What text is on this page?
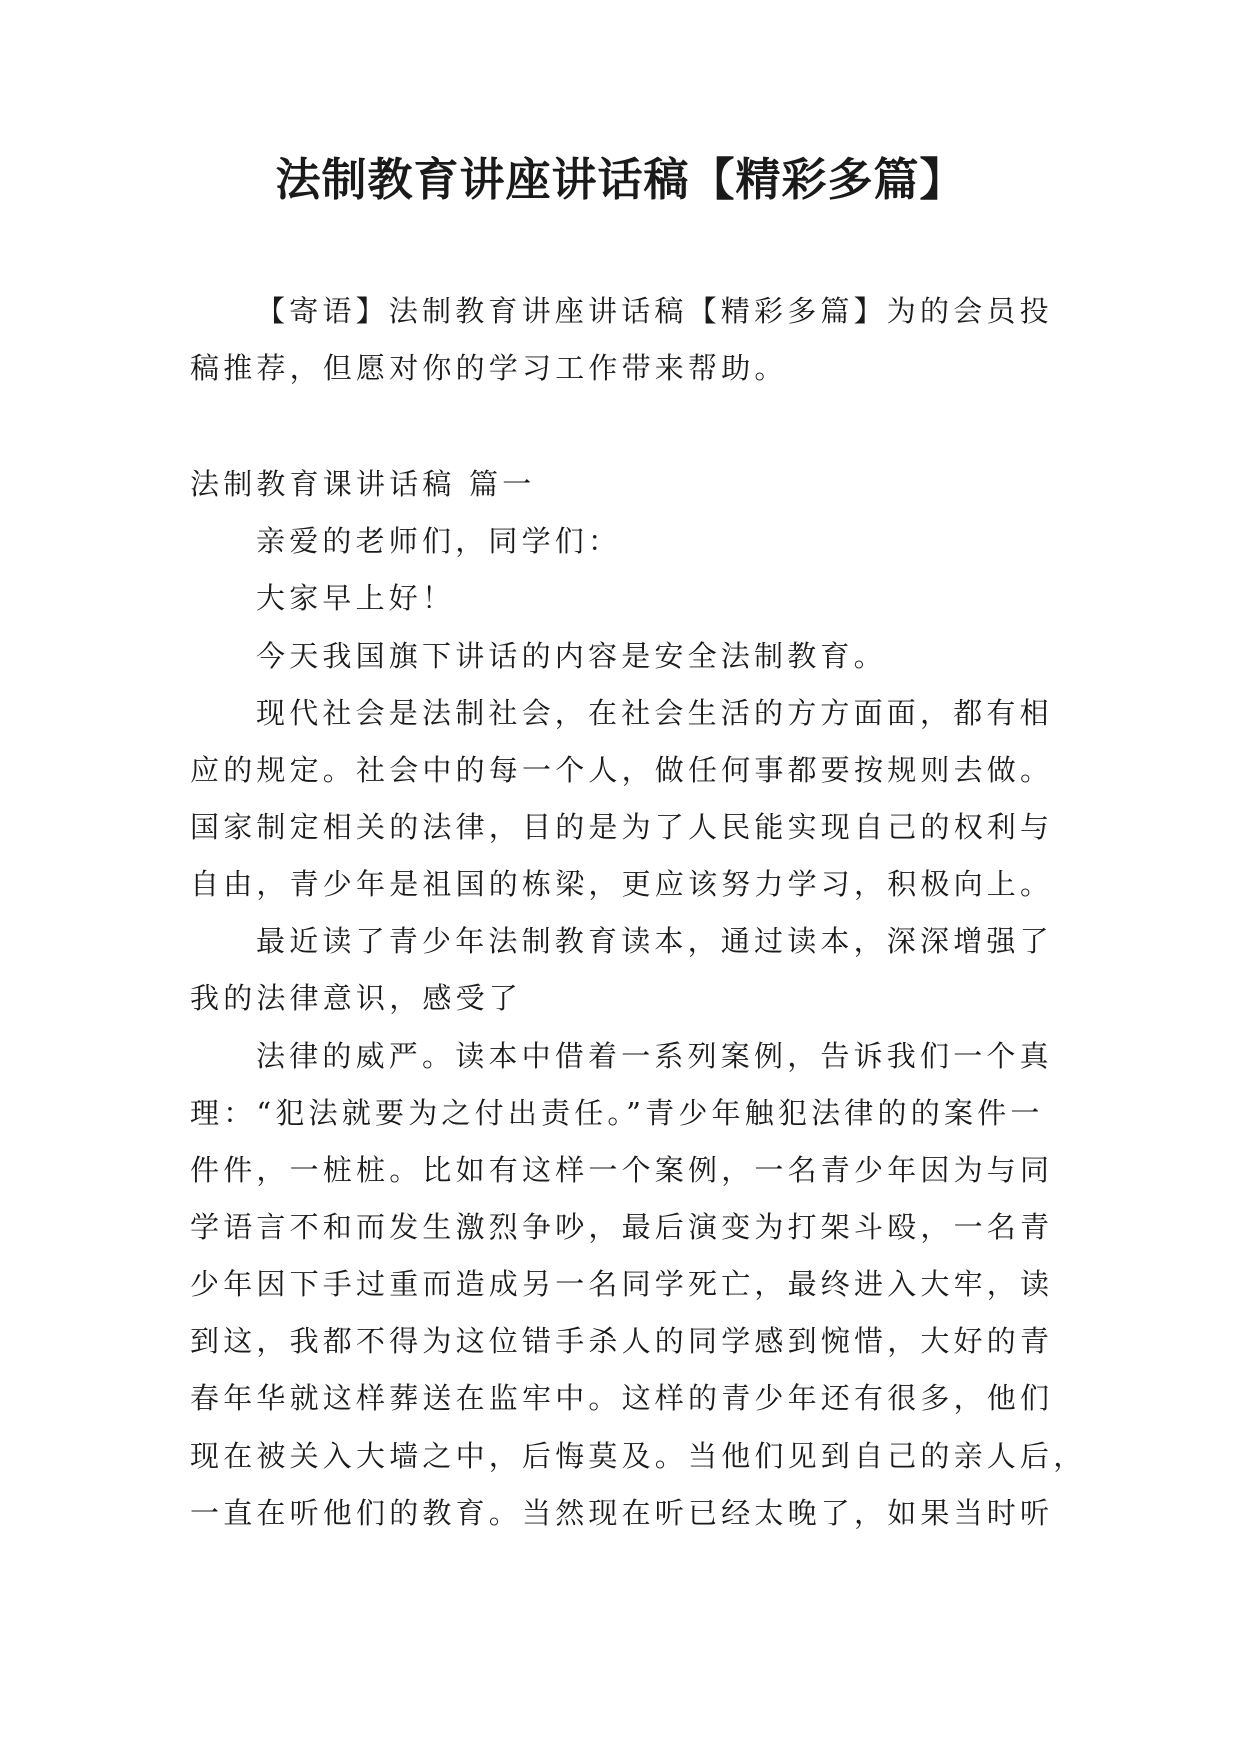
法制教育讲座讲话稿【精彩多篇】

【寄语】法制教育讲座讲话稿【精彩多篇】为的会员投

稿推荐，但愿对你的学习工作带来帮助。

法制教育课讲话稿 篇一

亲爱的老师们，同学们：

大家早上好！

今天我国旗下讲话的内容是安全法制教育。

现代社会是法制社会，在社会生活的方方面面，都有相

应的规定。社会中的每一个人，做任何事都要按规则去做。

国家制定相关的法律，目的是为了人民能实现自己的权利与

自由，青少年是祖国的栋梁，更应该努力学习，积极向上。

最近读了青少年法制教育读本，通过读本，深深增强了

我的法律意识，感受了

法律的威严。读本中借着一系列案例，告诉我们一个真

理：“犯法就要为之付出责任。”青少年触犯法律的的案件一

件件，一桩桩。比如有这样一个案例，一名青少年因为与同

学语言不和而发生激烈争吵，最后演变为打架斗殴，一名青

少年因下手过重而造成另一名同学死亡，最终进入大牢，读

到这，我都不得为这位错手杀人的同学感到惋惜，大好的青

春年华就这样葬送在监牢中。这样的青少年还有很多，他们

现在被关入大墙之中，后悔莫及。当他们见到自己的亲人后，

一直在听他们的教育。当然现在听已经太晚了，如果当时听
